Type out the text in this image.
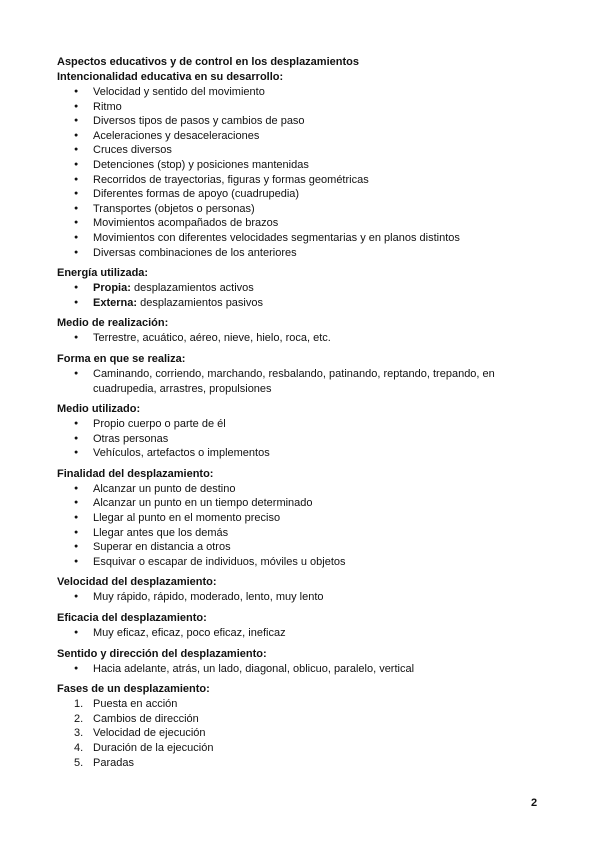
Aspectos educativos y de control en los desplazamientos

Intencionalidad educativa en su desarrollo:

● Velocidad y sentido del movimiento
● Ritmo
● Diversos tipos de pasos y cambios de paso
● Aceleraciones y desaceleraciones
● Cruces diversos
● Detenciones (stop) y posiciones mantenidas
● Recorridos de trayectorias, figuras y formas geométricas
● Diferentes formas de apoyo (cuadrupedia)
● Transportes (objetos o personas)
● Movimientos acompañados de brazos
● Movimientos con diferentes velocidades segmentarias y en planos distintos
● Diversas combinaciones de los anteriores

Energía utilizada:

● Propia: desplazamientos activos
● Externa: desplazamientos pasivos

Medio de realización:

● Terrestre, acuático, aéreo, nieve, hielo, roca, etc.

Forma en que se realiza:

● Caminando, corriendo, marchando, resbalando, patinando, reptando, trepando, en cuadrupedia, arrastres, propulsiones

Medio utilizado:

● Propio cuerpo o parte de él
● Otras personas
● Vehículos, artefactos o implementos

Finalidad del desplazamiento:

● Alcanzar un punto de destino
● Alcanzar un punto en un tiempo determinado
● Llegar al punto en el momento preciso
● Llegar antes que los demás
● Superar en distancia a otros
● Esquivar o escapar de individuos, móviles u objetos

Velocidad del desplazamiento:

● Muy rápido, rápido, moderado, lento, muy lento

Eficacia del desplazamiento:

● Muy eficaz, eficaz, poco eficaz, ineficaz

Sentido y dirección del desplazamiento:

● Hacia adelante, atrás, un lado, diagonal, oblicuo, paralelo, vertical

Fases de un desplazamiento:

1. Puesta en acción
2. Cambios de dirección
3. Velocidad de ejecución
4. Duración de la ejecución
5. Paradas
2
